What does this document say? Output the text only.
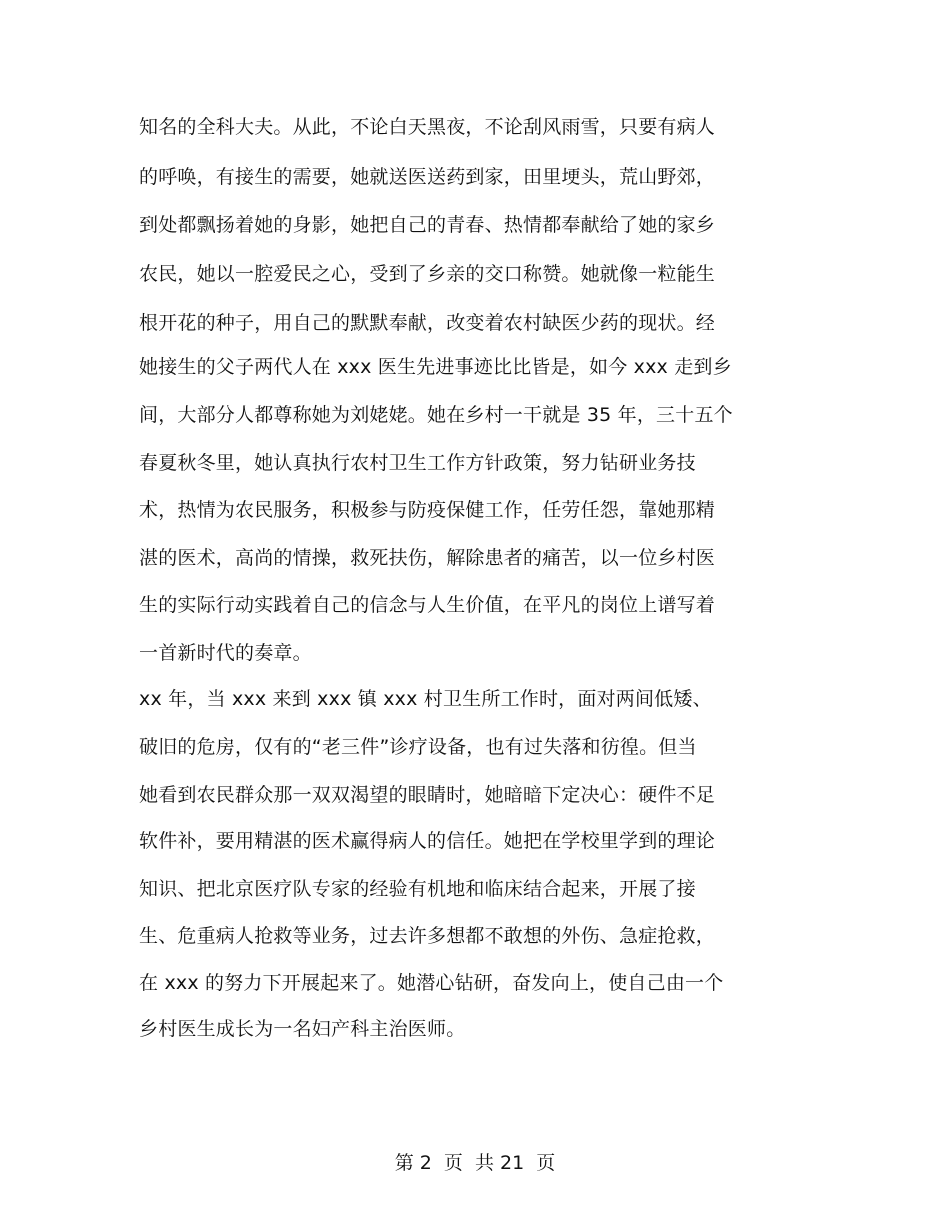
知名的全科大夫。从此，不论白天黑夜，不论刮风雨雪，只要有病人
的呼唤，有接生的需要，她就送医送药到家，田里埂头，荒山野郊，
到处都飘扬着她的身影，她把自己的青春、热情都奉献给了她的家乡
农民，她以一腔爱民之心，受到了乡亲的交口称赞。她就像一粒能生
根开花的种子，用自己的默默奉献，改变着农村缺医少药的现状。经
她接生的父子两代人在 xxx 医生先进事迹比比皆是，如今 xxx 走到乡
间，大部分人都尊称她为刘姥姥。她在乡村一干就是 35 年，三十五个
春夏秋冬里，她认真执行农村卫生工作方针政策，努力钻研业务技
术，热情为农民服务，积极参与防疫保健工作，任劳任怨，靠她那精
湛的医术，高尚的情操，救死扶伤，解除患者的痛苦，以一位乡村医
生的实际行动实践着自己的信念与人生价值，在平凡的岗位上谱写着
一首新时代的奏章。
xx 年，当 xxx 来到 xxx 镇 xxx 村卫生所工作时，面对两间低矮、
破旧的危房，仅有的“老三件”诊疗设备，也有过失落和彷徨。但当
她看到农民群众那一双双渴望的眼睛时，她暗暗下定决心：硬件不足
软件补，要用精湛的医术赢得病人的信任。她把在学校里学到的理论
知识、把北京医疗队专家的经验有机地和临床结合起来，开展了接
生、危重病人抢救等业务，过去许多想都不敢想的外伤、急症抢救，
在 xxx 的努力下开展起来了。她潜心钻研，奋发向上，使自己由一个
乡村医生成长为一名妇产科主治医师。
第 2  页  共 21  页
